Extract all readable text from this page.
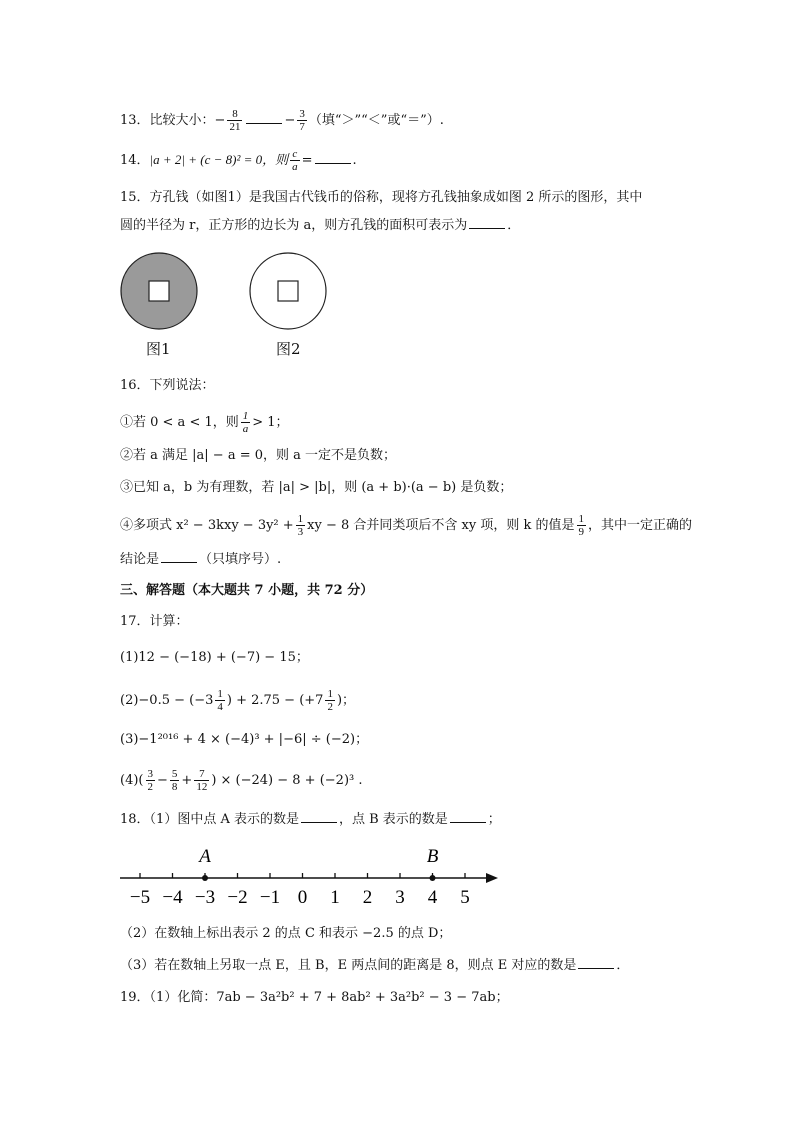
13．比较大小：− $\frac{8}{21}$	− $\frac{3}{7}$ （填“＞”“＜”或“＝”）.
14．|a + 2| + (c − 8)² = 0，则 $\frac{c}{a}$ =	.
15．方孔钱（如图1）是我国古代钱币的俗称，现将方孔钱抽象成如图 2 所示的图形，其中
圆的半径为 r，正方形的边长为 a，则方孔钱的面积可表示为	．
图1	图2
16．下列说法：
①若 0 < a < 1，则 $\frac{1}{a} > 1$；
②若 a 满足 |a| − a = 0，则 a 一定不是负数；
③已知 a，b 为有理数，若 |a| > |b|，则 (a + b)·(a − b) 是负数；
④多项式 $x^2 - 3kxy - 3y^2 + \frac{1}{3}$ xy − 8 合并同类项后不含 xy 项，则 k 的值是 $\frac{1}{9}$ ，其中一定正确的
结论是	（只填序号）.
三、解答题（本大题共 7 小题，共 72 分）
17．计算：
(1)12 − (−18) + (−7) − 15；
$(2)-0.5 - (-3 \frac{1}{4}$ ) + $2.75 - (+7 \frac{1}{2}$ )；
(3)−1²⁰¹⁶ + 4 × (−4)³ + |−6| ÷ (−2)；
$(4)( \frac{3}{2} - \frac{5}{8} + \frac{7}{12}$ ) × (−24) − 8 + (−2)³ .
18．（1）图中点 A 表示的数是	，点 B 表示的数是	；
−5 −4 −3 −2 −1 0 1 2 3 4 5
A	B
（2）在数轴上标出表示 2 的点 C 和表示 −2.5 的点 D；
（3）若在数轴上另取一点 E，且 B，E 两点间的距离是 8，则点 E 对应的数是	．
19．（1）化简：7ab − 3a²b² + 7 + 8ab² + 3a²b² − 3 − 7ab；
